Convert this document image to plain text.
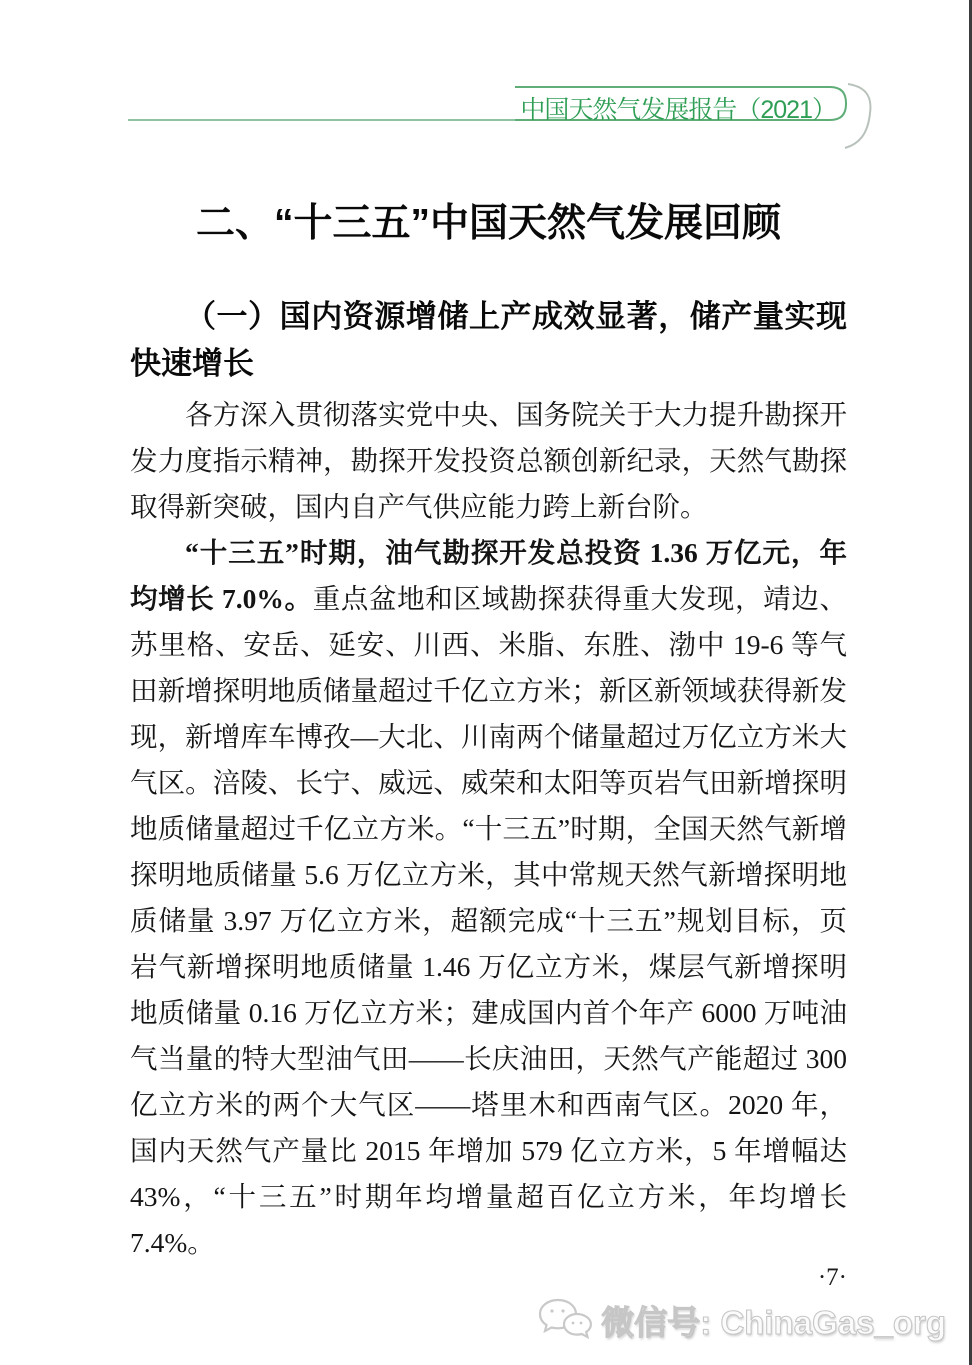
中国天然气发展报告（2021）
二、“十三五”中国天然气发展回顾
（一）国内资源增储上产成效显著，储产量实现快速增长

各方深入贯彻落实党中央、国务院关于大力提升勘探开发力度指示精神，勘探开发投资总额创新纪录，天然气勘探取得新突破，国内自产气供应能力跨上新台阶。

“十三五”时期，油气勘探开发总投资 1.36 万亿元，年均增长 7.0%。重点盆地和区域勘探获得重大发现，靖边、苏里格、安岳、延安、川西、米脂、东胜、渤中 19-6 等气田新增探明地质储量超过千亿立方米；新区新领域获得新发现，新增库车博孜—大北、川南两个储量超过万亿立方米大气区。涪陵、长宁、威远、威荣和太阳等页岩气田新增探明地质储量超过千亿立方米。“十三五”时期，全国天然气新增探明地质储量 5.6 万亿立方米，其中常规天然气新增探明地质储量 3.97 万亿立方米，超额完成“十三五”规划目标，页岩气新增探明地质储量 1.46 万亿立方米，煤层气新增探明地质储量 0.16 万亿立方米；建成国内首个年产 6000 万吨油气当量的特大型油气田——长庆油田，天然气产能超过 300 亿立方米的两个大气区——塔里木和西南气区。2020 年，国内天然气产量比 2015 年增加 579 亿立方米，5 年增幅达 43%，“十三五”时期年均增量超百亿立方米，年均增长 7.4%。

·7·
微信号: ChinaGas_org
